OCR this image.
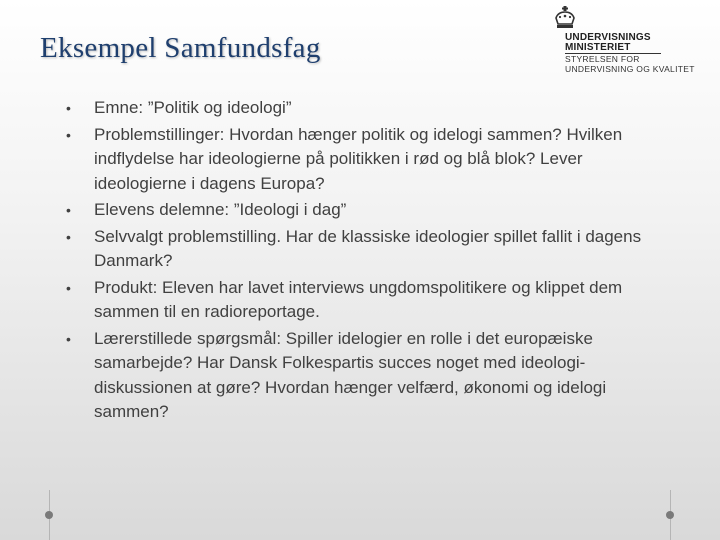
Eksempel Samfundsfag	UNDERVISNINGS
MINISTERIET
STYRELSEN FOR
UNDERVISNING OG KVALITET
• Emne: ”Politik og ideologi”
• Problemstillinger: Hvordan hænger politik og idelogi sammen? Hvilken indflydelse har ideologierne på politikken i rød og blå blok? Lever ideologierne i dagens Europa?
• Elevens delemne: ”Ideologi i dag”
• Selvvalgt problemstilling. Har de klassiske ideologier spillet fallit i dagens Danmark?
• Produkt: Eleven har lavet interviews ungdomspolitikere og klippet dem sammen til en radioreportage.
• Lærerstillede spørgsmål: Spiller idelogier en rolle i det europæiske samarbejde? Har Dansk Folkespartis succes noget med ideologi-diskussionen at gøre? Hvordan hænger velfærd, økonomi og idelogi sammen?
